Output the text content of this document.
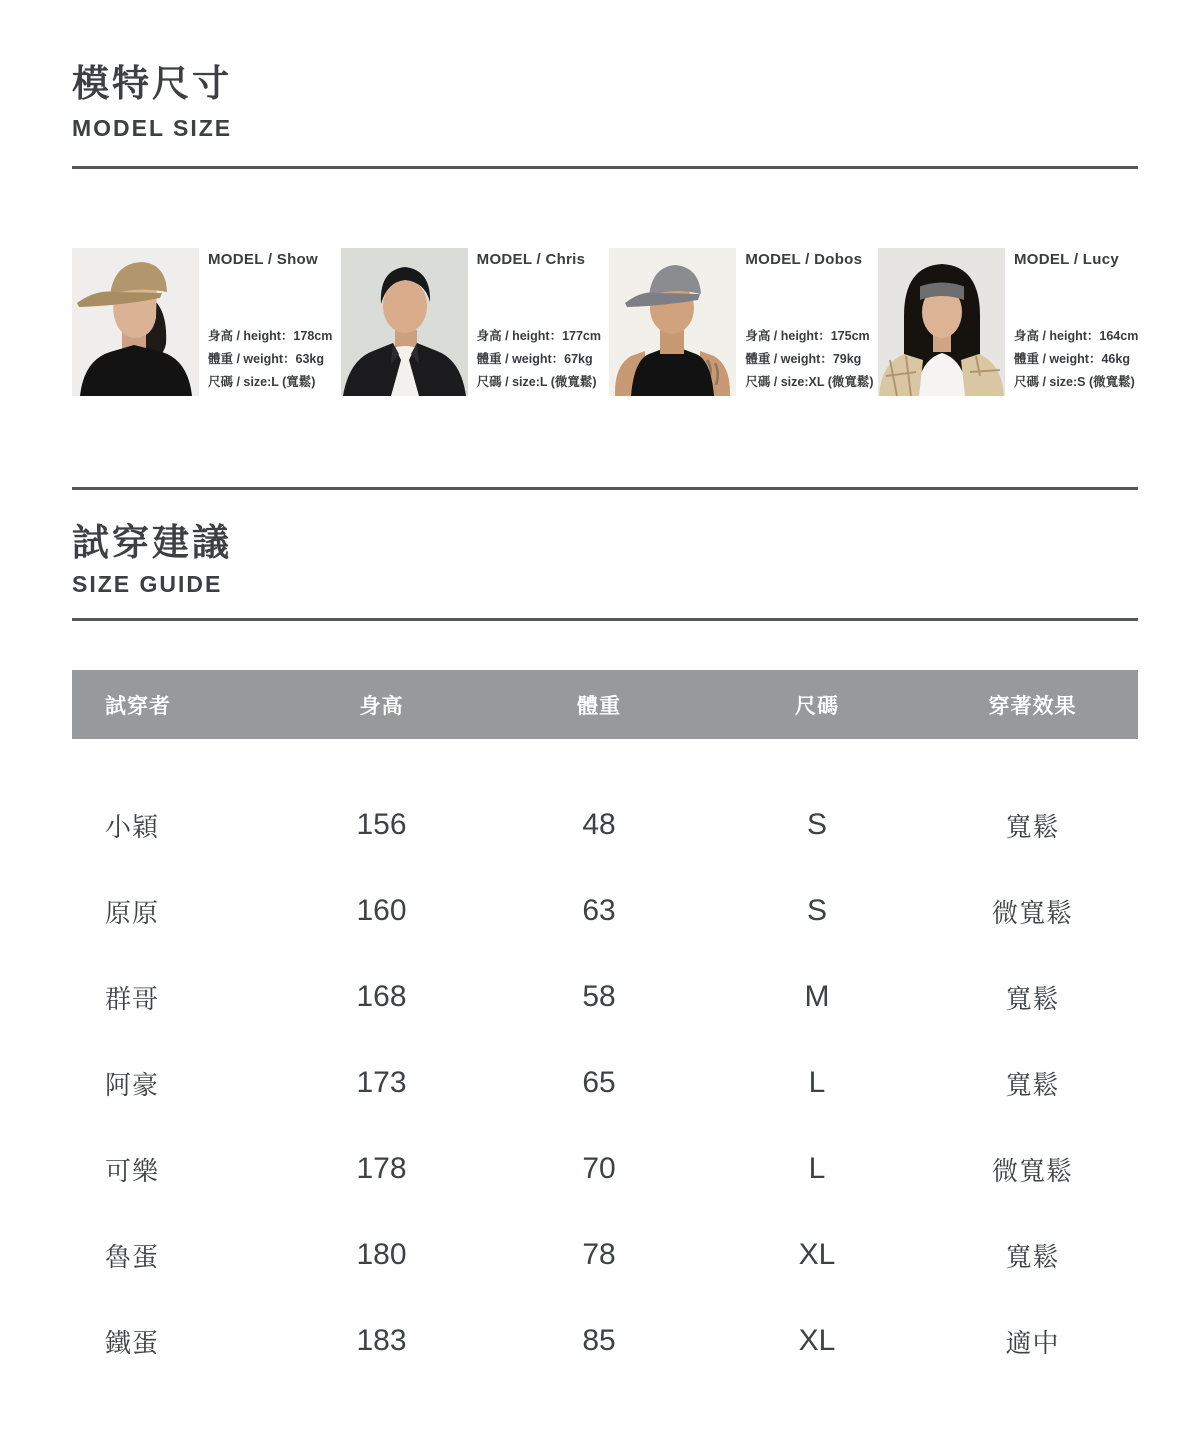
模特尺寸
MODEL SIZE
MODEL / Show
身高 / height：178cm
體重 / weight：63kg
尺碼 / size:L (寬鬆)
MODEL / Chris
身高 / height：177cm
體重 / weight：67kg
尺碼 / size:L (微寬鬆)
MODEL / Dobos
身高 / height：175cm
體重 / weight：79kg
尺碼 / size:XL (微寬鬆)
MODEL / Lucy
身高 / height：164cm
體重 / weight：46kg
尺碼 / size:S (微寬鬆)
試穿建議
SIZE GUIDE
試穿者	身高	體重	尺碼	穿著效果
小穎	156	48	S	寬鬆
原原	160	63	S	微寬鬆
群哥	168	58	M	寬鬆
阿豪	173	65	L	寬鬆
可樂	178	70	L	微寬鬆
魯蛋	180	78	XL	寬鬆
鐵蛋	183	85	XL	適中
